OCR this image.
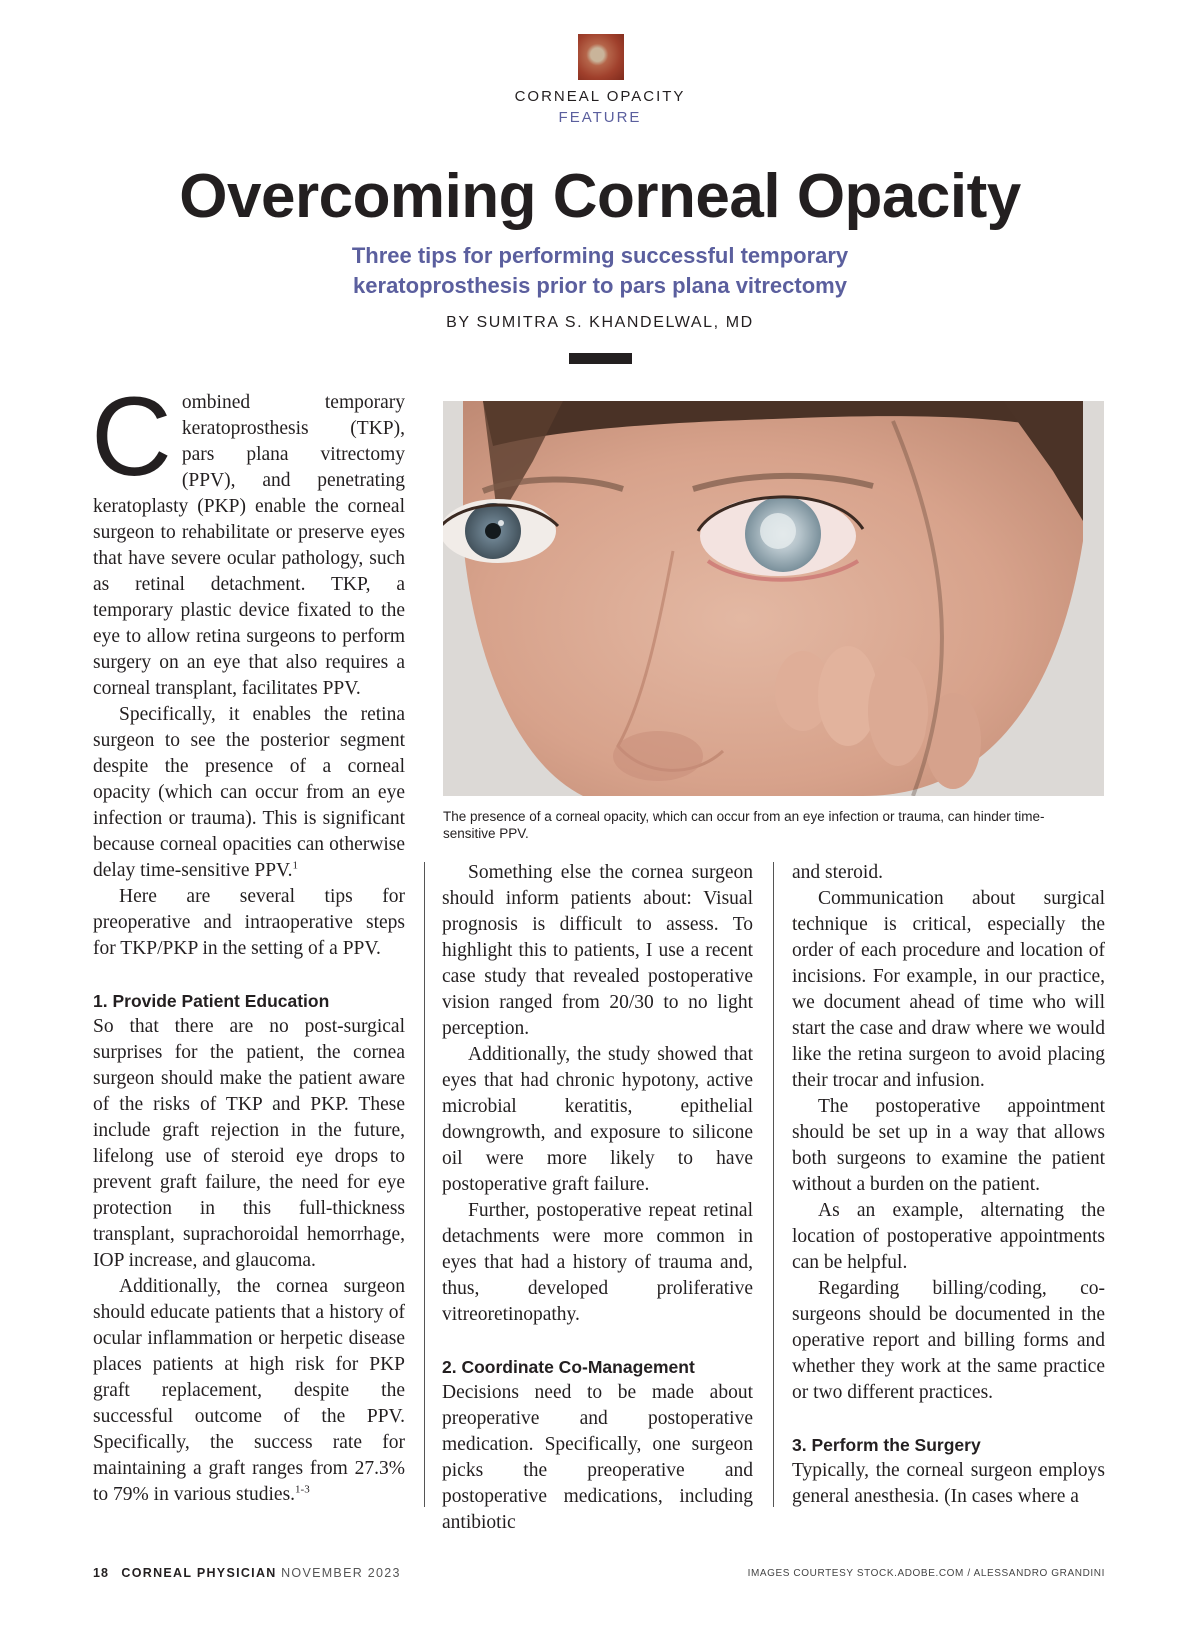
CORNEAL OPACITY
FEATURE
Overcoming Corneal Opacity
Three tips for performing successful temporary
keratoprosthesis prior to pars plana vitrectomy
BY SUMITRA S. KHANDELWAL, MD

Combined temporary keratoprosthesis (TKP), pars plana vitrectomy (PPV), and penetrating keratoplasty (PKP) enable the corneal surgeon to rehabilitate or preserve eyes that have severe ocular pathology, such as retinal detachment. TKP, a temporary plastic device fixated to the eye to allow retina surgeons to perform surgery on an eye that also requires a corneal transplant, facilitates PPV.

Specifically, it enables the retina surgeon to see the posterior segment despite the presence of a corneal opacity (which can occur from an eye infection or trauma). This is significant because corneal opacities can otherwise delay time-sensitive PPV.$^1$

Here are several tips for preoperative and intraoperative steps for TKP/PKP in the setting of a PPV.

1. Provide Patient Education

So that there are no post-surgical surprises for the patient, the cornea surgeon should make the patient aware of the risks of TKP and PKP. These include graft rejection in the future, lifelong use of steroid eye drops to prevent graft failure, the need for eye protection in this full-thickness transplant, suprachoroidal hemorrhage, IOP increase, and glaucoma.

Additionally, the cornea surgeon should educate patients that a history of ocular inflammation or herpetic disease places patients at high risk for PKP graft replacement, despite the successful outcome of the PPV. Specifically, the success rate for maintaining a graft ranges from 27.3% to 79% in various studies.$^{1-3}$

The presence of a corneal opacity, which can occur from an eye infection or trauma, can hinder time-sensitive PPV.

Something else the cornea surgeon should inform patients about: Visual prognosis is difficult to assess. To highlight this to patients, I use a recent case study that revealed postoperative vision ranged from 20/30 to no light perception.

Additionally, the study showed that eyes that had chronic hypotony, active microbial keratitis, epithelial downgrowth, and exposure to silicone oil were more likely to have postoperative graft failure.

Further, postoperative repeat retinal detachments were more common in eyes that had a history of trauma and, thus, developed proliferative vitreoretinopathy.

2. Coordinate Co-Management

Decisions need to be made about preoperative and postoperative medication. Specifically, one surgeon picks the preoperative and postoperative medications, including antibiotic

and steroid.

Communication about surgical technique is critical, especially the order of each procedure and location of incisions. For example, in our practice, we document ahead of time who will start the case and draw where we would like the retina surgeon to avoid placing their trocar and infusion.

The postoperative appointment should be set up in a way that allows both surgeons to examine the patient without a burden on the patient.

As an example, alternating the location of postoperative appointments can be helpful.

Regarding billing/coding, co-surgeons should be documented in the operative report and billing forms and whether they work at the same practice or two different practices.

3. Perform the Surgery

Typically, the corneal surgeon employs general anesthesia. (In cases where a

18 CORNEAL PHYSICIAN NOVEMBER 2023	IMAGES COURTESY STOCK.ADOBE.COM / ALESSANDRO GRANDINI
